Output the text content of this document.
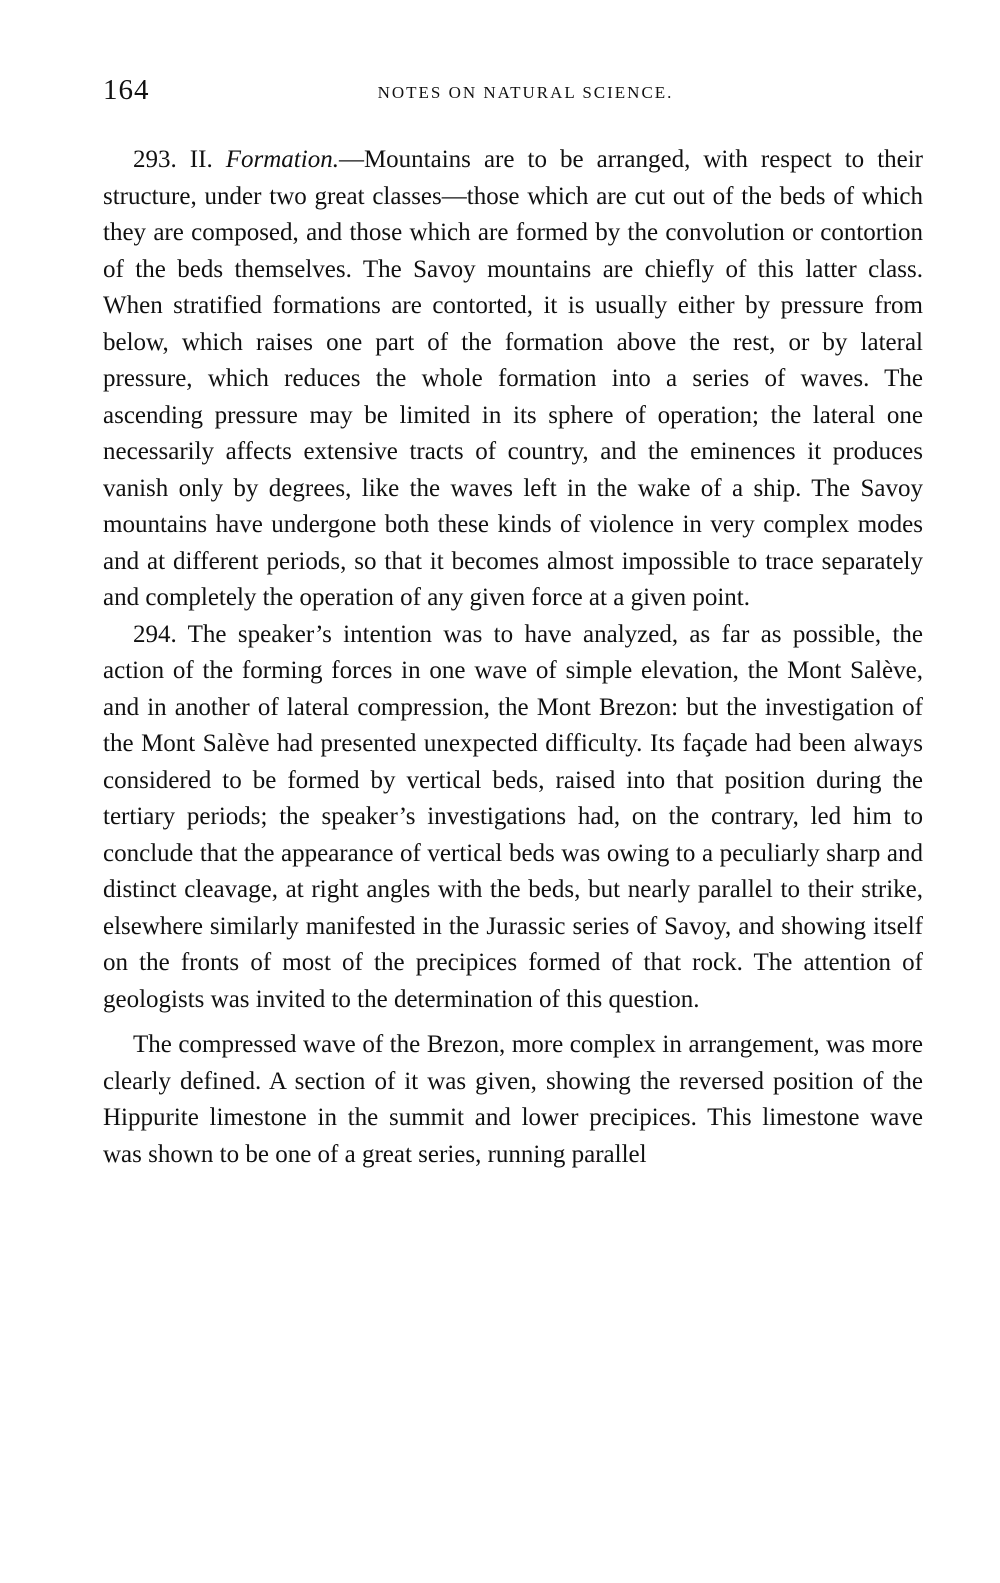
164	NOTES ON NATURAL SCIENCE.

293. II. Formation.—Mountains are to be arranged, with respect to their structure, under two great classes—those which are cut out of the beds of which they are composed, and those which are formed by the convolution or contortion of the beds themselves. The Savoy mountains are chiefly of this latter class. When stratified formations are contorted, it is usually either by pressure from below, which raises one part of the formation above the rest, or by lateral pressure, which reduces the whole formation into a series of waves. The ascending pressure may be limited in its sphere of operation; the lateral one necessarily affects extensive tracts of country, and the eminences it produces vanish only by degrees, like the waves left in the wake of a ship. The Savoy mountains have undergone both these kinds of violence in very complex modes and at different periods, so that it becomes almost impossible to trace separately and completely the operation of any given force at a given point.

294. The speaker’s intention was to have analyzed, as far as possible, the action of the forming forces in one wave of simple elevation, the Mont Salève, and in another of lateral compression, the Mont Brezon: but the investigation of the Mont Salève had presented unexpected difficulty. Its façade had been always considered to be formed by vertical beds, raised into that position during the tertiary periods; the speaker’s investigations had, on the contrary, led him to conclude that the appearance of vertical beds was owing to a peculiarly sharp and distinct cleavage, at right angles with the beds, but nearly parallel to their strike, elsewhere similarly manifested in the Jurassic series of Savoy, and showing itself on the fronts of most of the precipices formed of that rock. The attention of geologists was invited to the determination of this question.

The compressed wave of the Brezon, more complex in arrangement, was more clearly defined. A section of it was given, showing the reversed position of the Hippurite limestone in the summit and lower precipices. This limestone wave was shown to be one of a great series, running parallel
